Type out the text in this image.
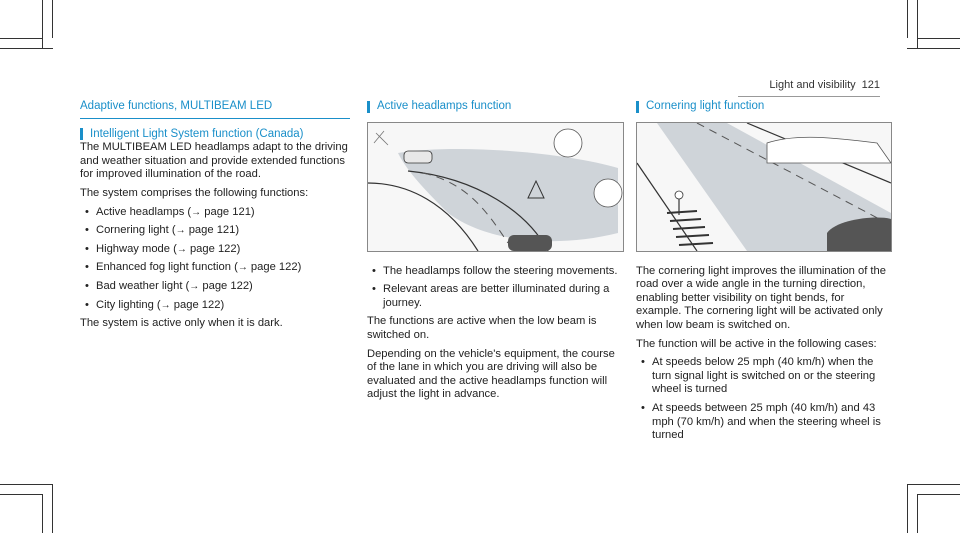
Light and visibility 121
Adaptive functions, MULTIBEAM LED
Intelligent Light System function (Canada)

The MULTIBEAM LED headlamps adapt to the driving and weather situation and provide extended functions for improved illumination of the road.

The system comprises the following functions:

• Active headlamps (→ page 121)
• Cornering light (→ page 121)
• Highway mode (→ page 122)
• Enhanced fog light function (→ page 122)
• Bad weather light (→ page 122)
• City lighting (→ page 122)

The system is active only when it is dark.

Active headlamps function
• The headlamps follow the steering movements.
• Relevant areas are better illuminated during a journey.

The functions are active when the low beam is switched on.

Depending on the vehicle's equipment, the course of the lane in which you are driving will also be evaluated and the active headlamps function will adjust the light in advance.

Cornering light function

The cornering light improves the illumination of the road over a wide angle in the turning direction, enabling better visibility on tight bends, for example. The cornering light will be activated only when low beam is switched on.

The function will be active in the following cases:

• At speeds below 25 mph (40 km/h) when the turn signal light is switched on or the steering wheel is turned
• At speeds between 25 mph (40 km/h) and 43 mph (70 km/h) and when the steering wheel is turned
